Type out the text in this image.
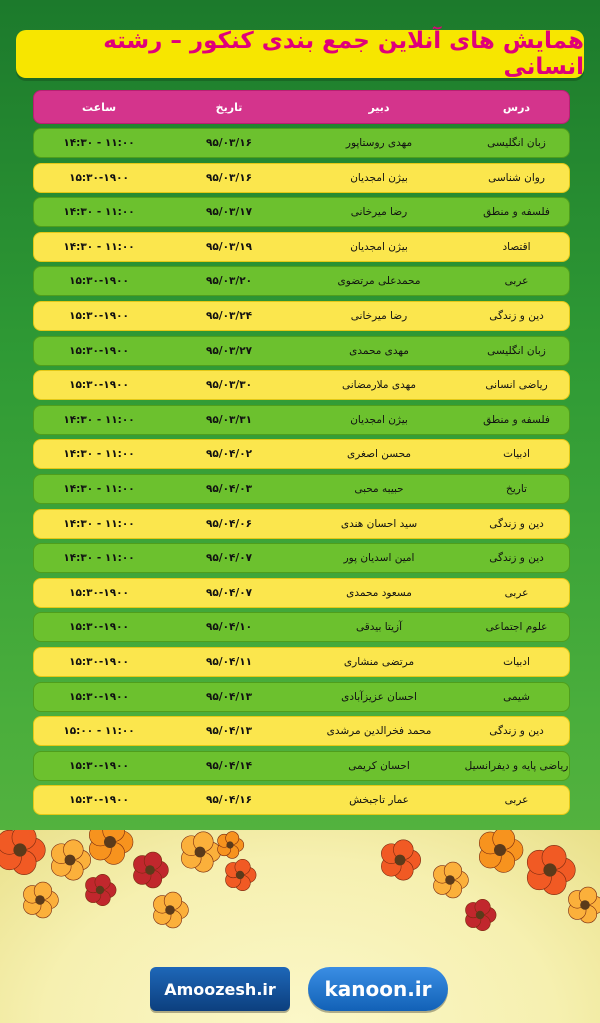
همایش های آنلاین جمع بندی کنکور – رشته انسانی
درس
دبیر
تاریخ
ساعت
زبان انگلیسی
مهدی روستاپور
۹۵/۰۳/۱۶
۱۱:۰۰ - ۱۴:۳۰
روان شناسی
بیژن امجدیان
۹۵/۰۳/۱۶
۱۵:۳۰-۱۹۰۰
فلسفه و منطق
رضا میرخانی
۹۵/۰۳/۱۷
۱۱:۰۰ - ۱۴:۳۰
اقتصاد
بیژن امجدیان
۹۵/۰۳/۱۹
۱۱:۰۰ - ۱۴:۳۰
عربی
محمدعلی مرتضوی
۹۵/۰۳/۲۰
۱۵:۳۰-۱۹۰۰
دین و زندگی
رضا میرخانی
۹۵/۰۳/۲۴
۱۵:۳۰-۱۹۰۰
زبان انگلیسی
مهدی محمدی
۹۵/۰۳/۲۷
۱۵:۳۰-۱۹۰۰
ریاضی انسانی
مهدی ملارمضانی
۹۵/۰۳/۳۰
۱۵:۳۰-۱۹۰۰
فلسفه و منطق
بیژن امجدیان
۹۵/۰۳/۳۱
۱۱:۰۰ - ۱۴:۳۰
ادبیات
محسن اصغری
۹۵/۰۴/۰۲
۱۱:۰۰ - ۱۴:۳۰
تاریخ
حبیبه محبی
۹۵/۰۴/۰۳
۱۱:۰۰ - ۱۴:۳۰
دین و زندگی
سید احسان هندی
۹۵/۰۴/۰۶
۱۱:۰۰ - ۱۴:۳۰
دین و زندگی
امین اسدیان پور
۹۵/۰۴/۰۷
۱۱:۰۰ - ۱۴:۳۰
عربی
مسعود محمدی
۹۵/۰۴/۰۷
۱۵:۳۰-۱۹۰۰
علوم اجتماعی
آزیتا بیدقی
۹۵/۰۴/۱۰
۱۵:۳۰-۱۹۰۰
ادبیات
مرتضی منشاری
۹۵/۰۴/۱۱
۱۵:۳۰-۱۹۰۰
شیمی
احسان عزیزآبادی
۹۵/۰۴/۱۳
۱۵:۳۰-۱۹۰۰
دین و زندگی
محمد فخرالدین مرشدی
۹۵/۰۴/۱۳
۱۱:۰۰ - ۱۵:۰۰
ریاضی پایه و دیفرانسیل
احسان کریمی
۹۵/۰۴/۱۴
۱۵:۳۰-۱۹۰۰
عربی
عمار تاجبخش
۹۵/۰۴/۱۶
۱۵:۳۰-۱۹۰۰
Amoozesh.ir	kanoon.ir
